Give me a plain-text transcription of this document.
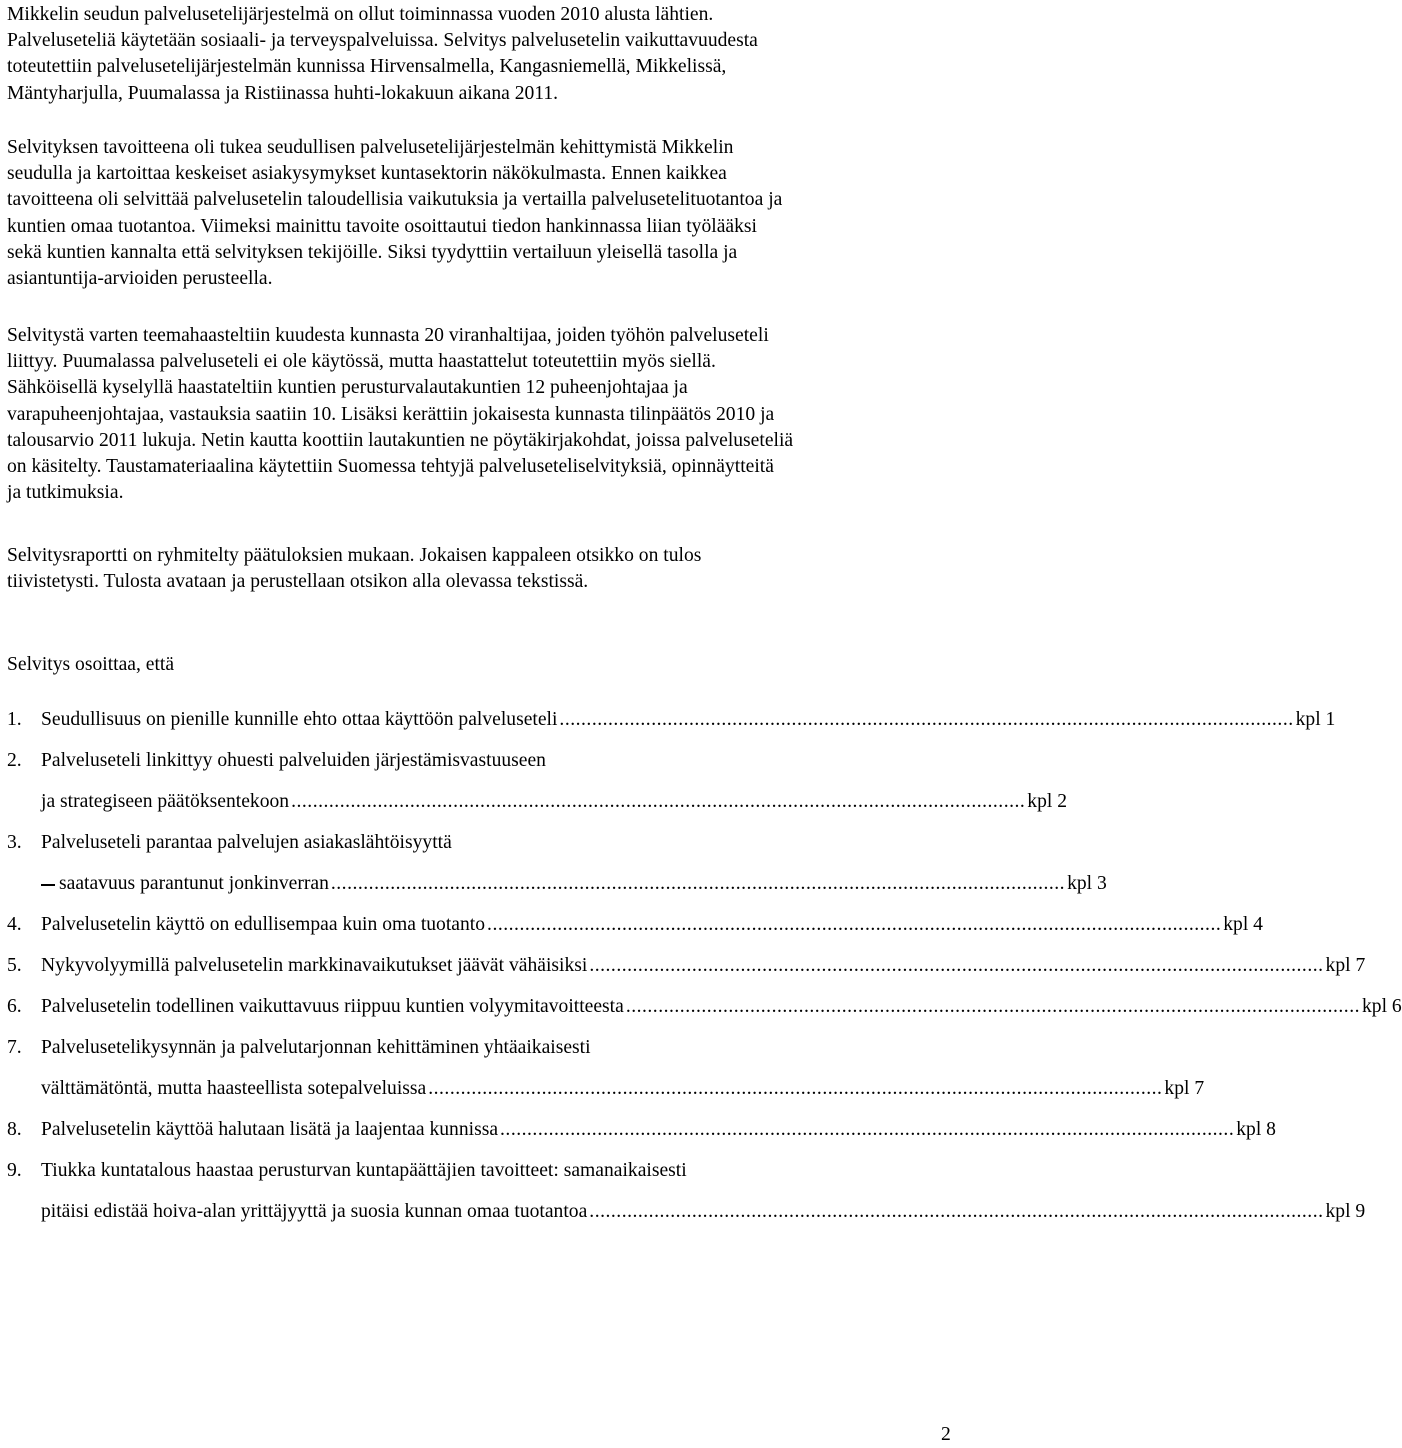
Mikkelin seudun palvelusetelijärjestelmä on ollut toiminnassa vuoden 2010 alusta lähtien.
Palveluseteliä käytetään sosiaali- ja terveyspalveluissa. Selvitys palvelusetelin vaikuttavuudesta
toteutettiin palvelusetelijärjestelmän kunnissa Hirvensalmella, Kangasniemellä, Mikkelissä,
Mäntyharjulla, Puumalassa ja Ristiinassa huhti-lokakuun aikana 2011.

Selvityksen tavoitteena oli tukea seudullisen palvelusetelijärjestelmän kehittymistä Mikkelin
seudulla ja kartoittaa keskeiset asiakysymykset kuntasektorin näkökulmasta. Ennen kaikkea
tavoitteena oli selvittää palvelusetelin taloudellisia vaikutuksia ja vertailla palvelusetelituotantoa ja
kuntien omaa tuotantoa. Viimeksi mainittu tavoite osoittautui tiedon hankinnassa liian työlääksi
sekä kuntien kannalta että selvityksen tekijöille. Siksi tyydyttiin vertailuun yleisellä tasolla ja
asiantuntija-arvioiden perusteella.

Selvitystä varten teemahaasteltiin kuudesta kunnasta 20 viranhaltijaa, joiden työhön palveluseteli
liittyy. Puumalassa palveluseteli ei ole käytössä, mutta haastattelut toteutettiin myös siellä.
Sähköisellä kyselyllä haastateltiin kuntien perusturvalautakuntien 12 puheenjohtajaa ja
varapuheenjohtajaa, vastauksia saatiin 10. Lisäksi kerättiin jokaisesta kunnasta tilinpäätös 2010 ja
talousarvio 2011 lukuja. Netin kautta koottiin lautakuntien ne pöytäkirjakohdat, joissa palveluseteliä
on käsitelty. Taustamateriaalina käytettiin Suomessa tehtyjä palveluseteliselvityksiä, opinnäytteitä
ja tutkimuksia.

Selvitysraportti on ryhmitelty päätuloksien mukaan. Jokaisen kappaleen otsikko on tulos
tiivistetysti. Tulosta avataan ja perustellaan otsikon alla olevassa tekstissä.

Selvitys osoittaa, että

1. Seudullisuus on pienille kunnille ehto ottaa käyttöön palveluseteli ........................................................................................................................................ kpl 1
2. Palveluseteli linkittyy ohuesti palveluiden järjestämisvastuuseen
ja strategiseen päätöksentekoon ........................................................................................................................................ kpl 2
3. Palveluseteli parantaa palvelujen asiakaslähtöisyyttä
saatavuus parantunut jonkinverran ........................................................................................................................................ kpl 3
4. Palvelusetelin käyttö on edullisempaa kuin oma tuotanto ........................................................................................................................................ kpl 4
5. Nykyvolyymillä palvelusetelin markkinavaikutukset jäävät vähäisiksi ........................................................................................................................................ kpl 7
6. Palvelusetelin todellinen vaikuttavuus riippuu kuntien volyymitavoitteesta ........................................................................................................................................ kpl 6
7. Palvelusetelikysynnän ja palvelutarjonnan kehittäminen yhtäaikaisesti
välttämätöntä, mutta haasteellista sotepalveluissa ........................................................................................................................................ kpl 7
8. Palvelusetelin käyttöä halutaan lisätä ja laajentaa kunnissa ........................................................................................................................................ kpl 8
9. Tiukka kuntatalous haastaa perusturvan kuntapäättäjien tavoitteet: samanaikaisesti
pitäisi edistää hoiva-alan yrittäjyyttä ja suosia kunnan omaa tuotantoa ........................................................................................................................................ kpl 9
2
